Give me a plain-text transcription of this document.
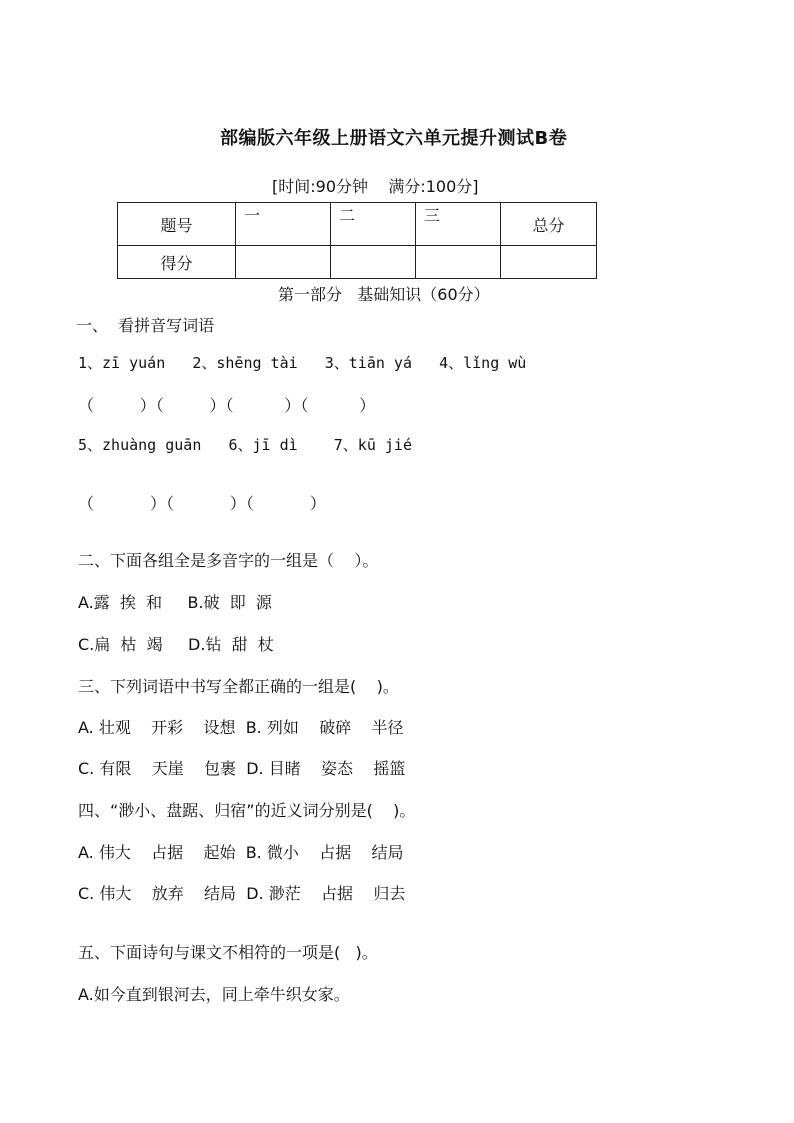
部编版六年级上册语文六单元提升测试B卷
[时间:90分钟    满分:100分]
题号	一	二	三	总分
得分				
第一部分   基础知识（60分）
一、  看拼音写词语
1、zī yuán   2、shēng tài   3、tiān yá   4、lǐng wù
（         ）（         ）（          ）（          ）
5、zhuàng guān   6、jī dì    7、kū jié
（           ）（           ）（           ）
二、下面各组全是多音字的一组是（    ）。
A.露  挨  和     B.破  即  源
C.扁  枯  竭     D.钻  甜  杖
三、下列词语中书写全都正确的一组是(    )。
A. 壮观    开彩    设想  B. 列如    破碎    半径
C. 有限    天崖    包裹  D. 目睹    姿态    摇篮
四、“渺小、盘踞、归宿”的近义词分别是(    )。
A. 伟大    占据    起始  B. 微小    占据    结局
C. 伟大    放弃    结局  D. 渺茫    占据    归去
五、下面诗句与课文不相符的一项是(   )。
A.如今直到银河去，同上牵牛织女家。
